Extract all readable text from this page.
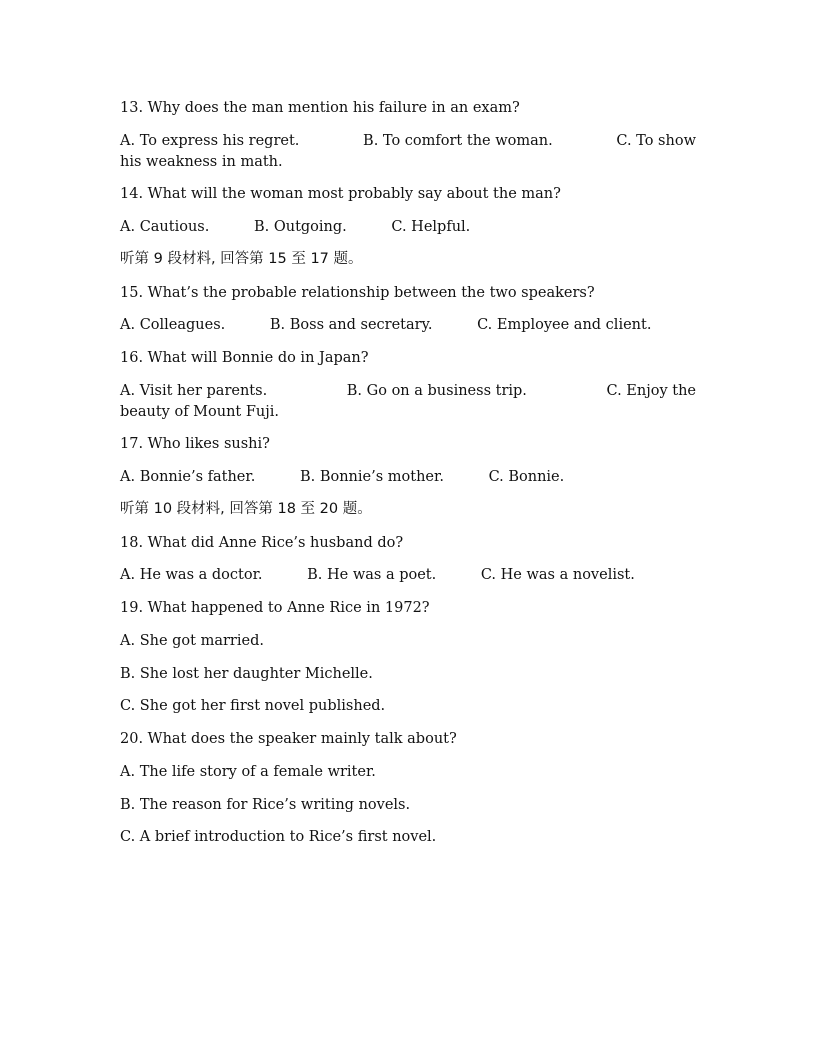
13. Why does the man mention his failure in an exam?
A. To express his regret.	B. To comfort the woman.	C. To show
his weakness in math.
14. What will the woman most probably say about the man?
A. Cautious.	B. Outgoing.	C. Helpful.
听第 9 段材料, 回答第 15 至 17 题。
15. What’s the probable relationship between the two speakers?
A. Colleagues.	B. Boss and secretary.	C. Employee and client.
16. What will Bonnie do in Japan?
A. Visit her parents.	B. Go on a business trip.	C. Enjoy the
beauty of Mount Fuji.
17. Who likes sushi?
A. Bonnie’s father.	B. Bonnie’s mother.	C. Bonnie.
听第 10 段材料, 回答第 18 至 20 题。
18. What did Anne Rice’s husband do?
A. He was a doctor.	B. He was a poet.	C. He was a novelist.
19. What happened to Anne Rice in 1972?
A. She got married.
B. She lost her daughter Michelle.
C. She got her first novel published.
20. What does the speaker mainly talk about?
A. The life story of a female writer.
B. The reason for Rice’s writing novels.
C. A brief introduction to Rice’s first novel.
